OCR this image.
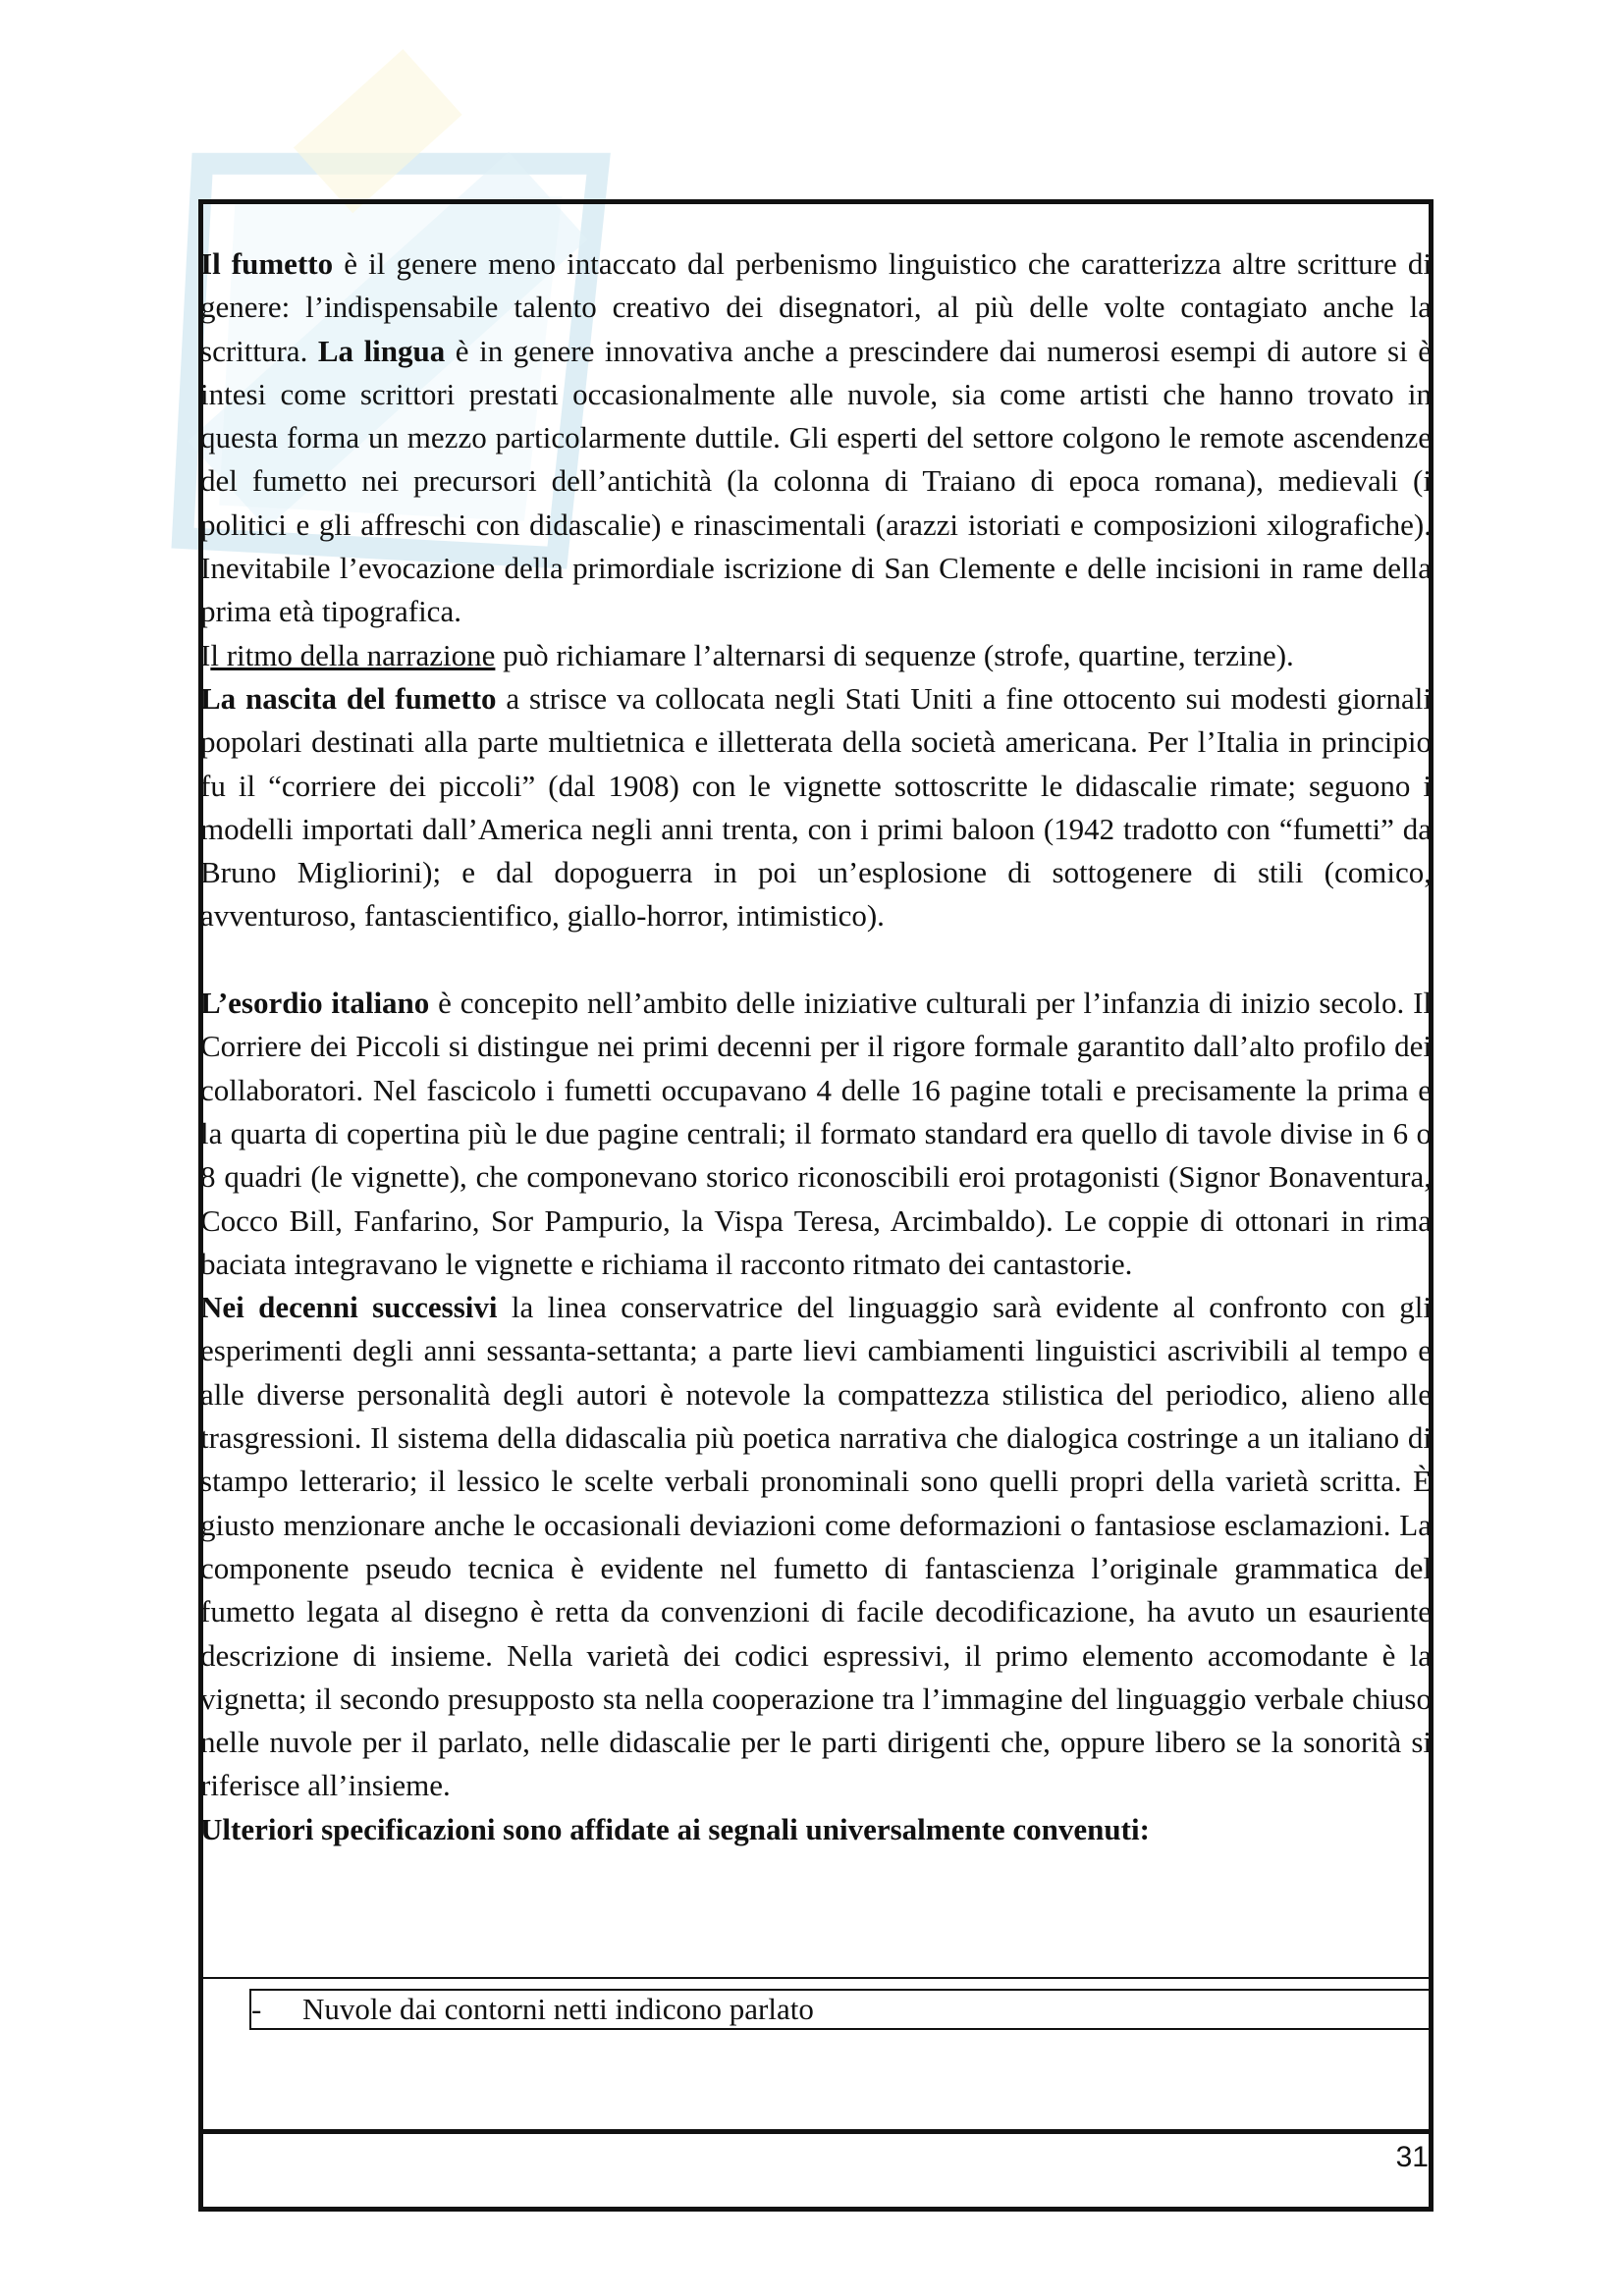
Il fumetto è il genere meno intaccato dal perbenismo linguistico che caratterizza altre scritture di genere: l’indispensabile talento creativo dei disegnatori, al più delle volte contagiato anche la scrittura. La lingua è in genere innovativa anche a prescindere dai numerosi esempi di autore si è intesi come scrittori prestati occasionalmente alle nuvole, sia come artisti che hanno trovato in questa forma un mezzo particolarmente duttile. Gli esperti del settore colgono le remote ascendenze del fumetto nei precursori dell’antichità (la colonna di Traiano di epoca romana), medievali (i politici e gli affreschi con didascalie) e rinascimentali (arazzi istoriati e composizioni xilografiche). Inevitabile l’evocazione della primordiale iscrizione di San Clemente e delle incisioni in rame della prima età tipografica.

Il ritmo della narrazione può richiamare l’alternarsi di sequenze (strofe, quartine, terzine).

La nascita del fumetto a strisce va collocata negli Stati Uniti a fine ottocento sui modesti giornali popolari destinati alla parte multietnica e illetterata della società americana. Per l’Italia in principio fu il “corriere dei piccoli” (dal 1908) con le vignette sottoscritte le didascalie rimate; seguono i modelli importati dall’America negli anni trenta, con i primi baloon (1942 tradotto con “fumetti” da Bruno Migliorini); e dal dopoguerra in poi un’esplosione di sottogenere di stili (comico, avventuroso, fantascientifico, giallo-horror, intimistico).

L’esordio italiano è concepito nell’ambito delle iniziative culturali per l’infanzia di inizio secolo. Il Corriere dei Piccoli si distingue nei primi decenni per il rigore formale garantito dall’alto profilo dei collaboratori. Nel fascicolo i fumetti occupavano 4 delle 16 pagine totali e precisamente la prima e la quarta di copertina più le due pagine centrali; il formato standard era quello di tavole divise in 6 o 8 quadri (le vignette), che componevano storico riconoscibili eroi protagonisti (Signor Bonaventura, Cocco Bill, Fanfarino, Sor Pampurio, la Vispa Teresa, Arcimbaldo). Le coppie di ottonari in rima baciata integravano le vignette e richiama il racconto ritmato dei cantastorie.

Nei decenni successivi la linea conservatrice del linguaggio sarà evidente al confronto con gli esperimenti degli anni sessanta-settanta; a parte lievi cambiamenti linguistici ascrivibili al tempo e alle diverse personalità degli autori è notevole la compattezza stilistica del periodico, alieno alle trasgressioni. Il sistema della didascalia più poetica narrativa che dialogica costringe a un italiano di stampo letterario; il lessico le scelte verbali pronominali sono quelli propri della varietà scritta. È giusto menzionare anche le occasionali deviazioni come deformazioni o fantasiose esclamazioni. La componente pseudo tecnica è evidente nel fumetto di fantascienza l’originale grammatica del fumetto legata al disegno è retta da convenzioni di facile decodificazione, ha avuto un esauriente descrizione di insieme. Nella varietà dei codici espressivi, il primo elemento accomodante è la vignetta; il secondo presupposto sta nella cooperazione tra l’immagine del linguaggio verbale chiuso nelle nuvole per il parlato, nelle didascalie per le parti dirigenti che, oppure libero se la sonorità si riferisce all’insieme.

Ulteriori specificazioni sono affidate ai segnali universalmente convenuti:

- Nuvole dai contorni netti indicono parlato
31
